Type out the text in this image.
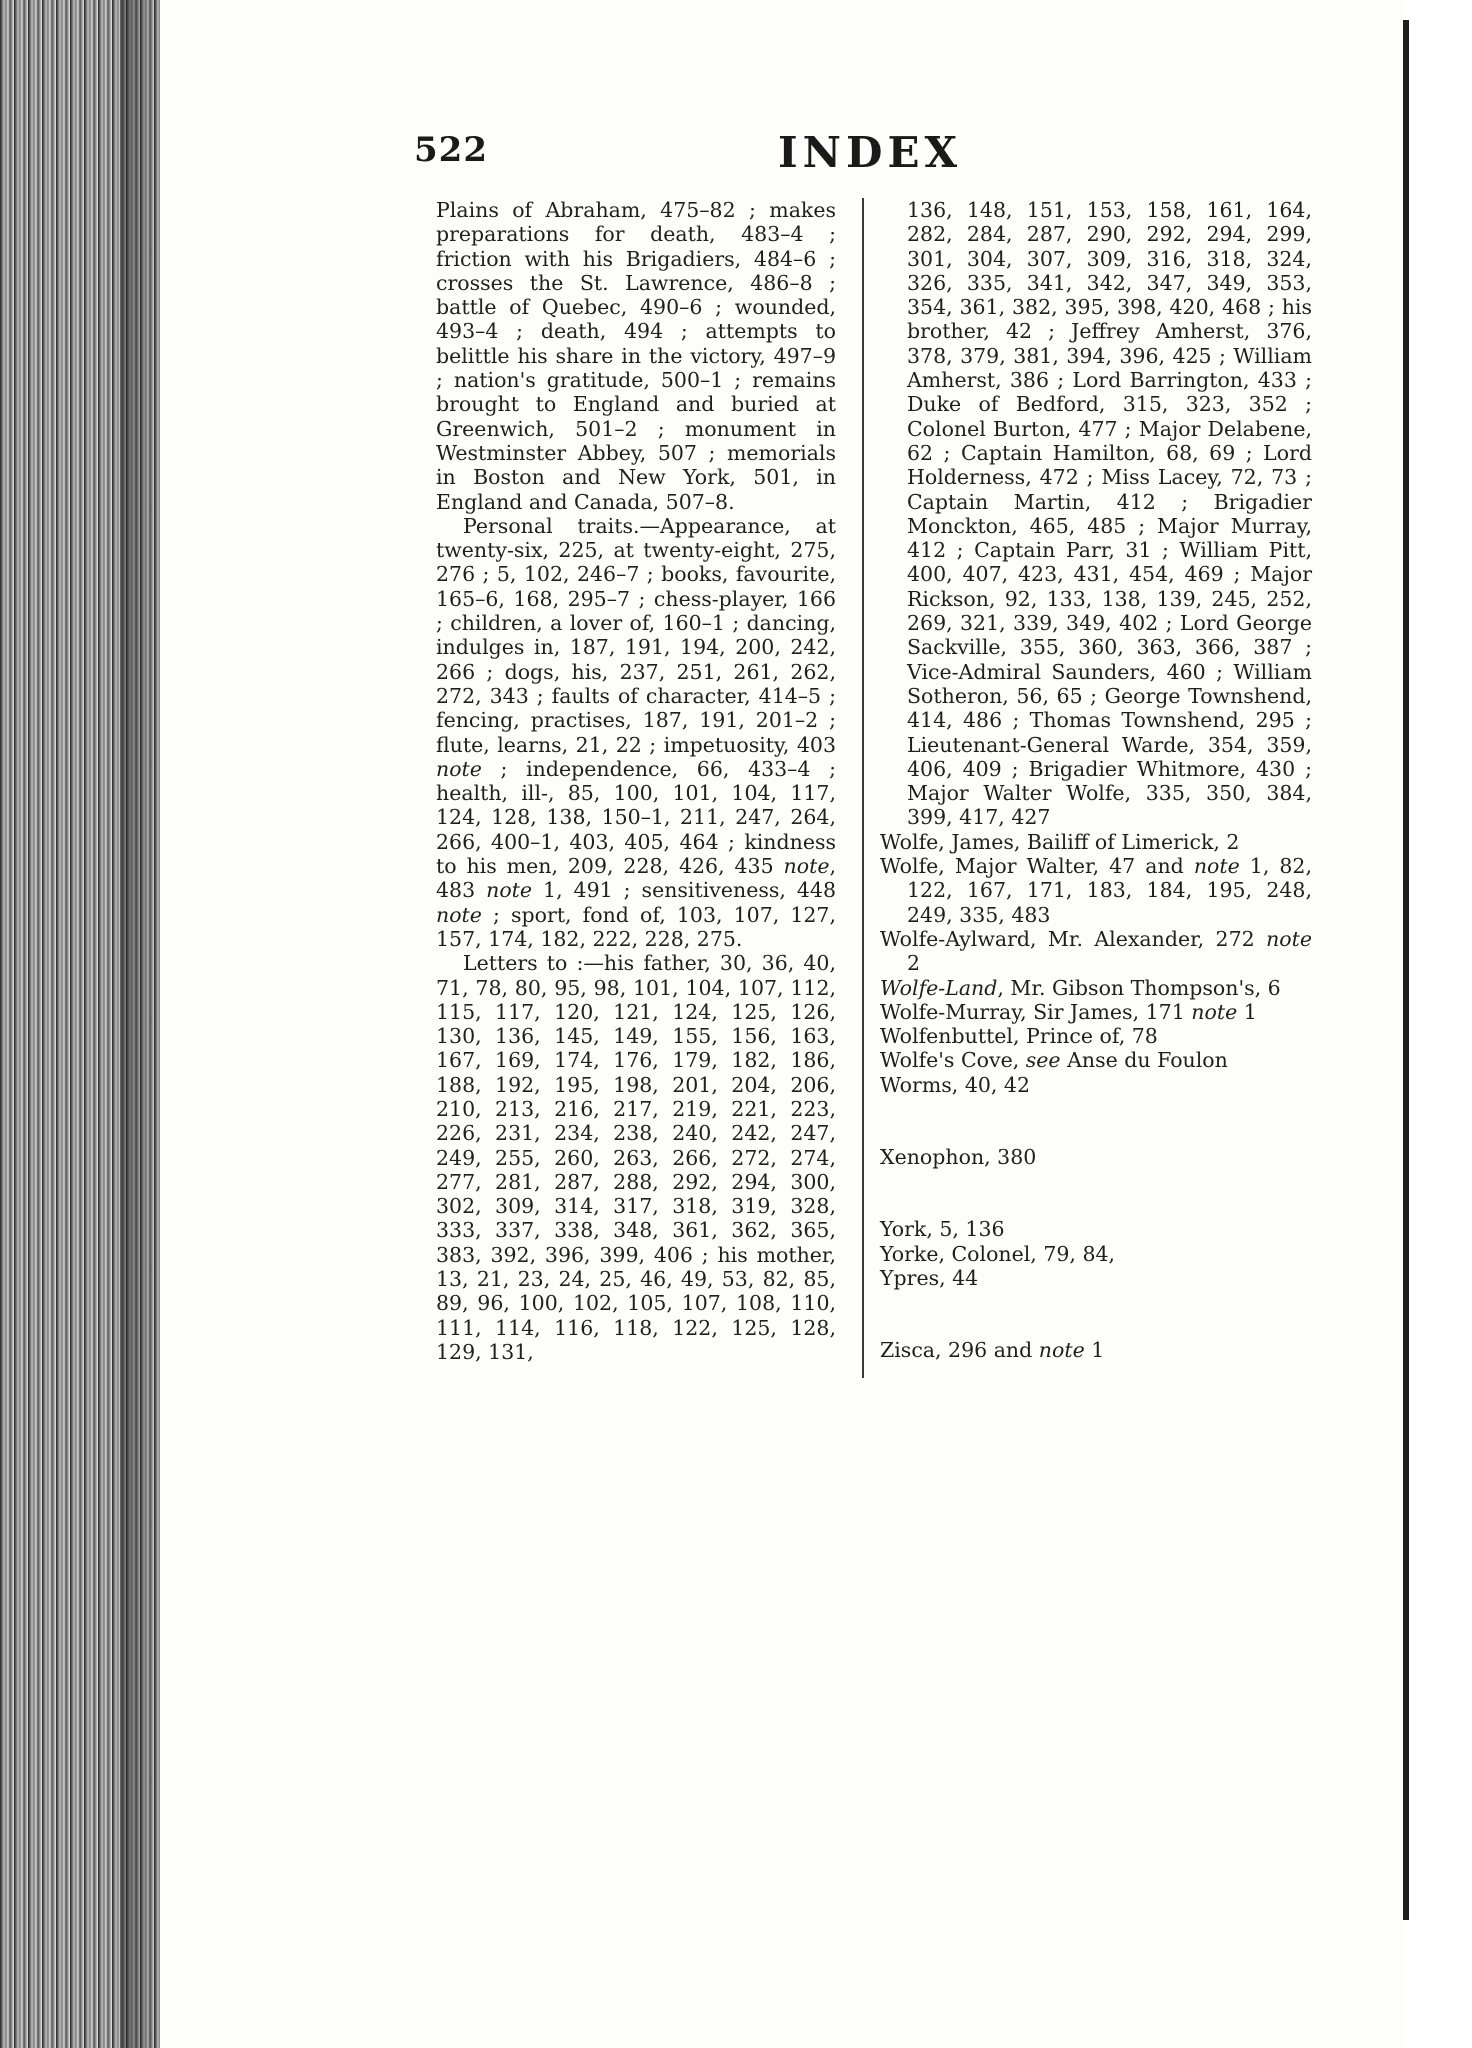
522	INDEX

Plains of Abraham, 475–82 ; makes preparations for death, 483–4 ; friction with his Brigadiers, 484–6 ; crosses the St. Lawrence, 486–8 ; battle of Quebec, 490–6 ; wounded, 493–4 ; death, 494 ; attempts to belittle his share in the victory, 497–9 ; nation's gratitude, 500–1 ; remains brought to England and buried at Greenwich, 501–2 ; monument in Westminster Abbey, 507 ; memorials in Boston and New York, 501, in England and Canada, 507–8.

Personal traits.—Appearance, at twenty-six, 225, at twenty-eight, 275, 276 ; 5, 102, 246–7 ; books, favourite, 165–6, 168, 295–7 ; chess-player, 166 ; children, a lover of, 160–1 ; dancing, indulges in, 187, 191, 194, 200, 242, 266 ; dogs, his, 237, 251, 261, 262, 272, 343 ; faults of character, 414–5 ; fencing, practises, 187, 191, 201–2 ; flute, learns, 21, 22 ; impetuosity, 403 note ; independence, 66, 433–4 ; health, ill-, 85, 100, 101, 104, 117, 124, 128, 138, 150–1, 211, 247, 264, 266, 400–1, 403, 405, 464 ; kindness to his men, 209, 228, 426, 435 note, 483 note 1, 491 ; sensitiveness, 448 note ; sport, fond of, 103, 107, 127, 157, 174, 182, 222, 228, 275.

Letters to :—his father, 30, 36, 40, 71, 78, 80, 95, 98, 101, 104, 107, 112, 115, 117, 120, 121, 124, 125, 126, 130, 136, 145, 149, 155, 156, 163, 167, 169, 174, 176, 179, 182, 186, 188, 192, 195, 198, 201, 204, 206, 210, 213, 216, 217, 219, 221, 223, 226, 231, 234, 238, 240, 242, 247, 249, 255, 260, 263, 266, 272, 274, 277, 281, 287, 288, 292, 294, 300, 302, 309, 314, 317, 318, 319, 328, 333, 337, 338, 348, 361, 362, 365, 383, 392, 396, 399, 406 ; his mother, 13, 21, 23, 24, 25, 46, 49, 53, 82, 85, 89, 96, 100, 102, 105, 107, 108, 110, 111, 114, 116, 118, 122, 125, 128, 129, 131,

136, 148, 151, 153, 158, 161, 164, 282, 284, 287, 290, 292, 294, 299, 301, 304, 307, 309, 316, 318, 324, 326, 335, 341, 342, 347, 349, 353, 354, 361, 382, 395, 398, 420, 468 ; his brother, 42 ; Jeffrey Amherst, 376, 378, 379, 381, 394, 396, 425 ; William Amherst, 386 ; Lord Barrington, 433 ; Duke of Bedford, 315, 323, 352 ; Colonel Burton, 477 ; Major Delabene, 62 ; Captain Hamilton, 68, 69 ; Lord Holderness, 472 ; Miss Lacey, 72, 73 ; Captain Martin, 412 ; Brigadier Monckton, 465, 485 ; Major Murray, 412 ; Captain Parr, 31 ; William Pitt, 400, 407, 423, 431, 454, 469 ; Major Rickson, 92, 133, 138, 139, 245, 252, 269, 321, 339, 349, 402 ; Lord George Sackville, 355, 360, 363, 366, 387 ; Vice-Admiral Saunders, 460 ; William Sotheron, 56, 65 ; George Townshend, 414, 486 ; Thomas Townshend, 295 ; Lieutenant-General Warde, 354, 359, 406, 409 ; Brigadier Whitmore, 430 ; Major Walter Wolfe, 335, 350, 384, 399, 417, 427

Wolfe, James, Bailiff of Limerick, 2

Wolfe, Major Walter, 47 and note 1, 82, 122, 167, 171, 183, 184, 195, 248, 249, 335, 483

Wolfe-Aylward, Mr. Alexander, 272 note 2

Wolfe-Land, Mr. Gibson Thompson's, 6

Wolfe-Murray, Sir James, 171 note 1

Wolfenbuttel, Prince of, 78

Wolfe's Cove, see Anse du Foulon

Worms, 40, 42

Xenophon, 380

York, 5, 136

Yorke, Colonel, 79, 84,

Ypres, 44

Zisca, 296 and note 1
